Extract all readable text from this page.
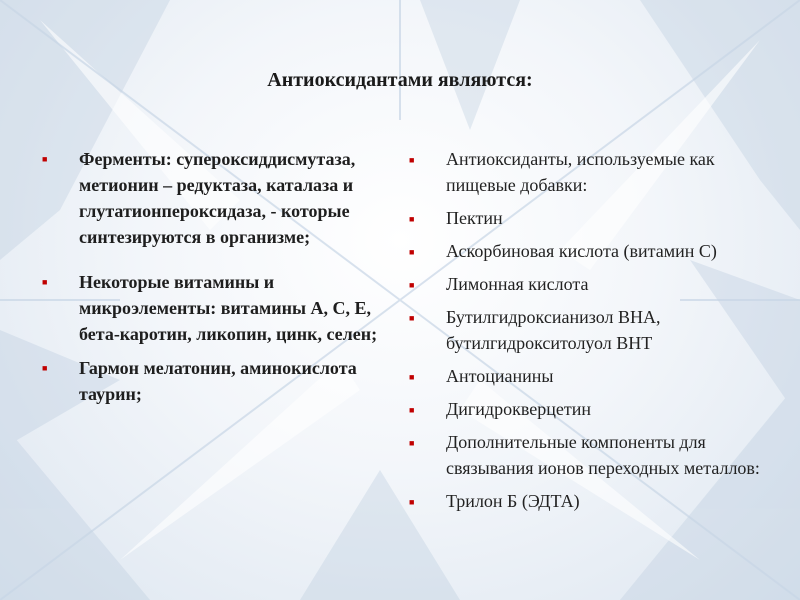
Антиоксидантами являются:
■ Ферменты: супероксиддисмутаза, метионин – редуктаза, каталаза и глутатионпероксидаза, - которые синтезируются в организме;
■ Некоторые витамины и микроэлементы: витамины А, С, Е, бета-каротин, ликопин, цинк, селен;
■ Гармон мелатонин, аминокислота таурин;
■ Антиоксиданты, используемые как пищевые добавки:
■ Пектин
■ Аскорбиновая кислота (витамин С)
■ Лимонная кислота
■ Бутилгидроксианизол BHA, бутилгидрокситолуол BHT
■ Антоцианины
■ Дигидрокверцетин
■ Дополнительные компоненты для связывания ионов переходных металлов:
■ Трилон Б (ЭДТА)
